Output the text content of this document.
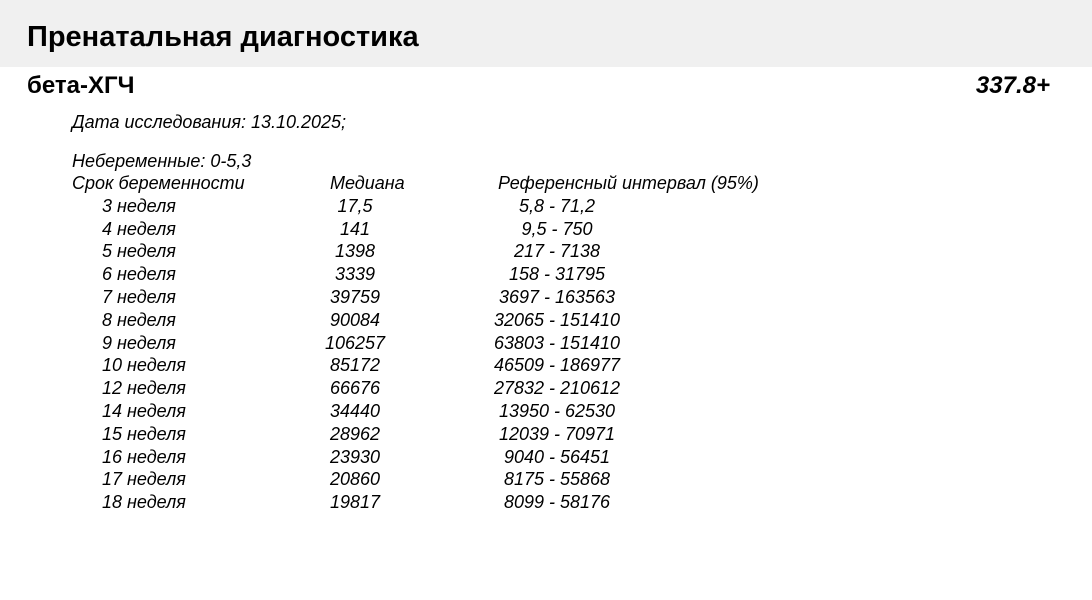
Пренатальная диагностика
бета-ХГЧ	337.8+
Дата исследования: 13.10.2025;
Небеременные: 0-5,3
Срок беременности	Медиана	Референсный интервал (95%)
3 неделя	17,5	5,8 - 71,2
4 неделя	141	9,5 - 750
5 неделя	1398	217 - 7138
6 неделя	3339	158 - 31795
7 неделя	39759	3697 - 163563
8 неделя	90084	32065 - 151410
9 неделя	106257	63803 - 151410
10 неделя	85172	46509 - 186977
12 неделя	66676	27832 - 210612
14 неделя	34440	13950 - 62530
15 неделя	28962	12039 - 70971
16 неделя	23930	9040 - 56451
17 неделя	20860	8175 - 55868
18 неделя	19817	8099 - 58176
